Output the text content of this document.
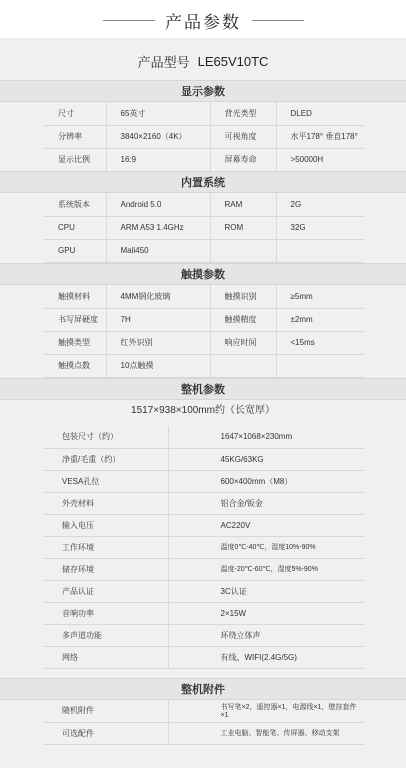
产品参数
产品型号 LE65V10TC
显示参数
尺寸	65英寸	背光类型	DLED
分辨率	3840×2160（4K）	可视角度	水平178° 垂直178°
显示比例	16:9	屏幕寿命	>50000H
内置系统
系统版本	Android 5.0	RAM	2G
CPU	ARM A53 1.4GHz	ROM	32G
GPU	Mali450		
触摸参数
触摸材料	4MM钢化玻璃	触摸识别	≥5mm
书写屏硬度	7H	触摸精度	±2mm
触摸类型	红外识别	响应时间	<15ms
触摸点数	10点触摸		
整机参数
1517×938×100mm约（长宽厚）
包装尺寸（约）	1647×1068×230mm
净重/毛重（约）	45KG/63KG
VESA孔位	600×400mm（M8）
外壳材料	铝合金/钣金
输入电压	AC220V
工作环境	温度0℃-40℃，湿度10%-90%
储存环境	温度-20℃-60℃，湿度5%-90%
产品认证	3C认证
音响功率	2×15W
多声道功能	环绕立体声
网络	有线、WIFI(2.4G/5G)
整机附件
随机附件	书写笔×2，遥控器×1，电源线×1，壁挂套件×1
可选配件	工业电脑、智能笔、传屏器、移动支架
